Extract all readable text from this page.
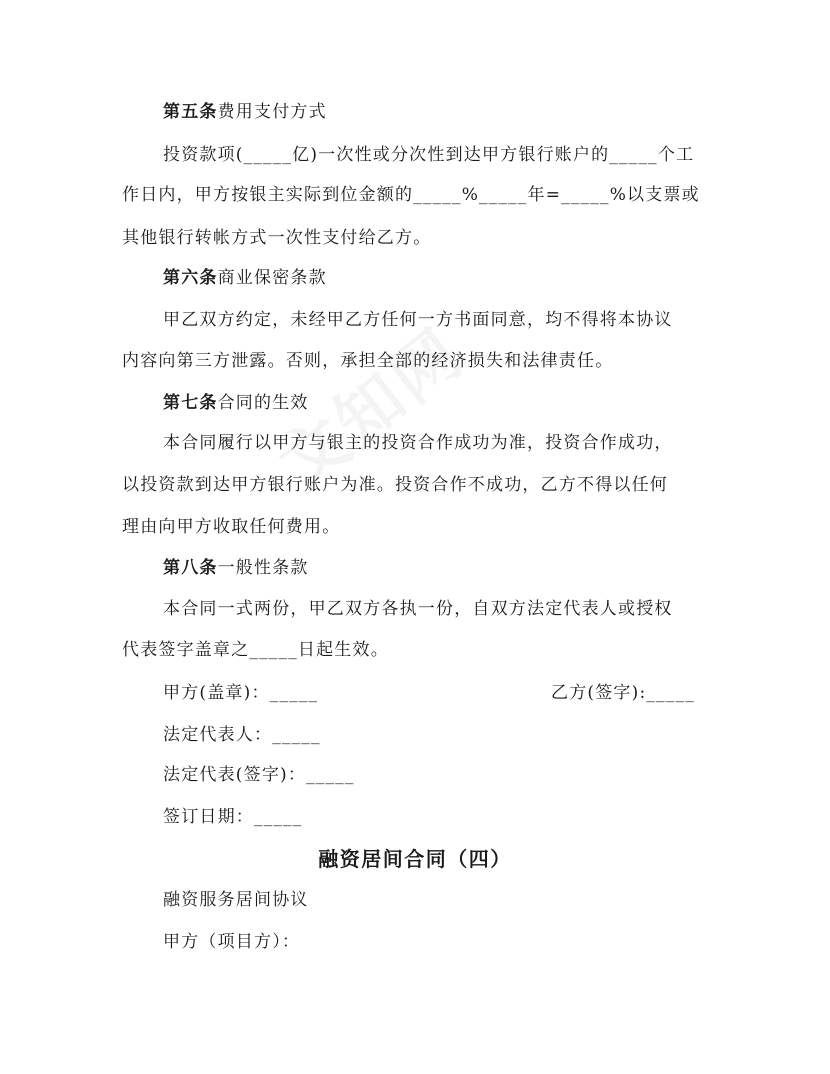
第五条费用支付方式
投资款项(_____亿)一次性或分次性到达甲方银行账户的_____个工
作日内，甲方按银主实际到位金额的_____%_____年=_____%以支票或
其他银行转帐方式一次性支付给乙方。
第六条商业保密条款
甲乙双方约定，未经甲乙方任何一方书面同意，均不得将本协议
内容向第三方泄露。否则，承担全部的经济损失和法律责任。
第七条合同的生效
本合同履行以甲方与银主的投资合作成功为准，投资合作成功，
以投资款到达甲方银行账户为准。投资合作不成功，乙方不得以任何
理由向甲方收取任何费用。
第八条一般性条款
本合同一式两份，甲乙双方各执一份，自双方法定代表人或授权
代表签字盖章之_____日起生效。
甲方(盖章)：_____	乙方(签字):_____
法定代表人：_____
法定代表(签字)：_____
签订日期：_____
融资居间合同（四）
融资服务居间协议
甲方（项目方）：
